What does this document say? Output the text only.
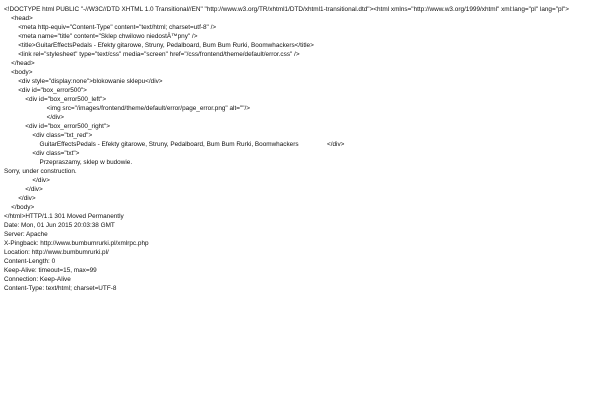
<!DOCTYPE html PUBLIC "-//W3C//DTD XHTML 1.0 Transitional//EN" "http://www.w3.org/TR/xhtml1/DTD/xhtml1-transitional.dtd"><html xmlns="http://www.w3.org/1999/xhtml" xml:lang="pl" lang="pl">
<head>
<meta http-equiv="Content-Type" content="text/html; charset=utf-8" />
<meta name="title" content="Sklep chwilowo niedostÄ™pny" />
<title>GuitarEffectsPedals - Efekty gitarowe, Struny, Pedalboard, Bum Bum Rurki, Boomwhackers</title>
<link rel="stylesheet" type="text/css" media="screen" href="/css/frontend/theme/default/error.css" />
</head>
<body>
<div style="display:none">blokowanie sklepu</div>
<div id="box_error500">
<div id="box_error500_left">
<img src="/images/frontend/theme/default/error/page_error.png" alt=""/>
</div>
<div id="box_error500_right">
<div class="txt_red">
GuitarEffectsPedals - Efekty gitarowe, Struny, Pedalboard, Bum Bum Rurki, Boomwhackers                </div>
<div class="txt">
Przepraszamy, sklep w budowie.
Sorry, under construction.
</div>
</div>
</div>
</body>
</html>HTTP/1.1 301 Moved Permanently
Date: Mon, 01 Jun 2015 20:03:38 GMT
Server: Apache
X-Pingback: http://www.bumbumrurki.pl/xmlrpc.php
Location: http://www.bumbumrurki.pl/
Content-Length: 0
Keep-Alive: timeout=15, max=99
Connection: Keep-Alive
Content-Type: text/html; charset=UTF-8
